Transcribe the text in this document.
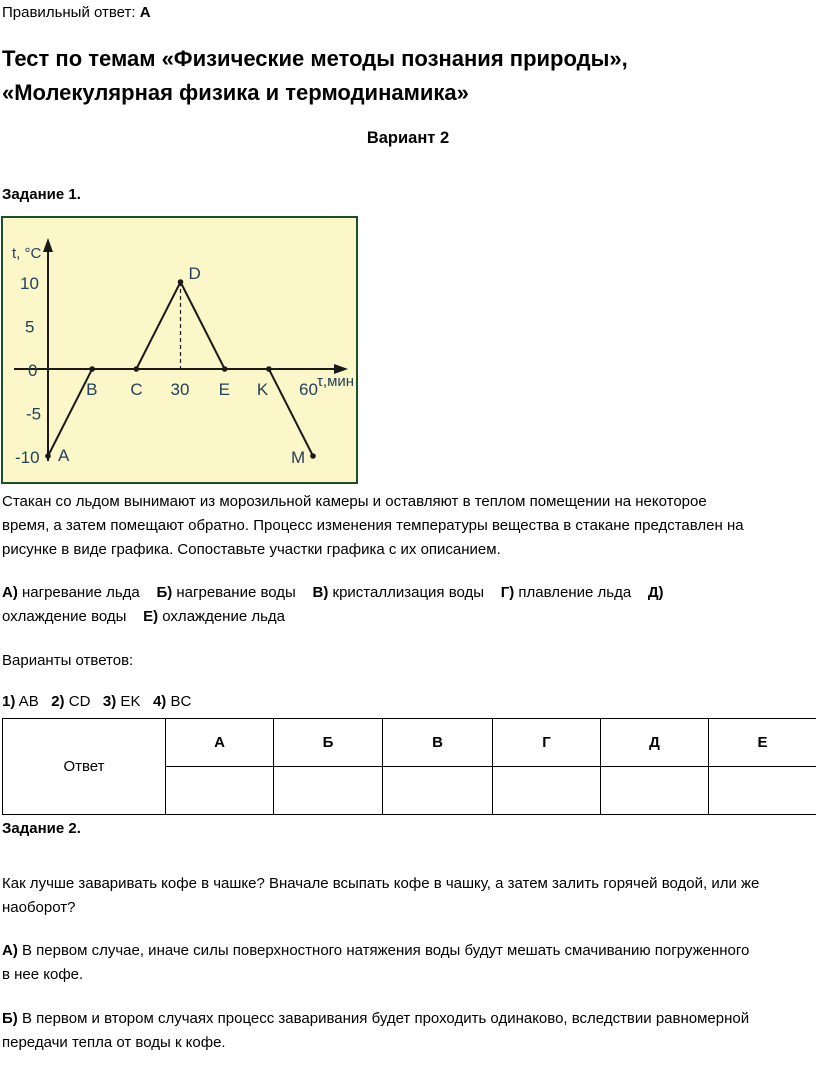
Правильный ответ: А
Тест по темам «Физические методы познания природы»,
«Молекулярная физика и термодинамика»
Вариант 2
Задание 1.
t, °C
τ,мин
10
5
0
-5
-10
B C 30 E K 60
A
D
M
Стакан со льдом вынимают из морозильной камеры и оставляют в теплом помещении на некоторое
время, а затем помещают обратно. Процесс изменения температуры вещества в стакане представлен на
рисунке в виде графика. Сопоставьте участки графика с их описанием.
А) нагревание льда Б) нагревание воды В) кристаллизация воды Г) плавление льда Д)
охлаждение воды Е) охлаждение льда
Варианты ответов:
1) AB 2) CD 3) EK 4) BC
Ответ	А	Б	В	Г	Д	Е

Задание 2.
Как лучше заваривать кофе в чашке? Вначале всыпать кофе в чашку, а затем залить горячей водой, или же
наоборот?
А) В первом случае, иначе силы поверхностного натяжения воды будут мешать смачиванию погруженного
в нее кофе.
Б) В первом и втором случаях процесс заваривания будет проходить одинаково, вследствии равномерной
передачи тепла от воды к кофе.
